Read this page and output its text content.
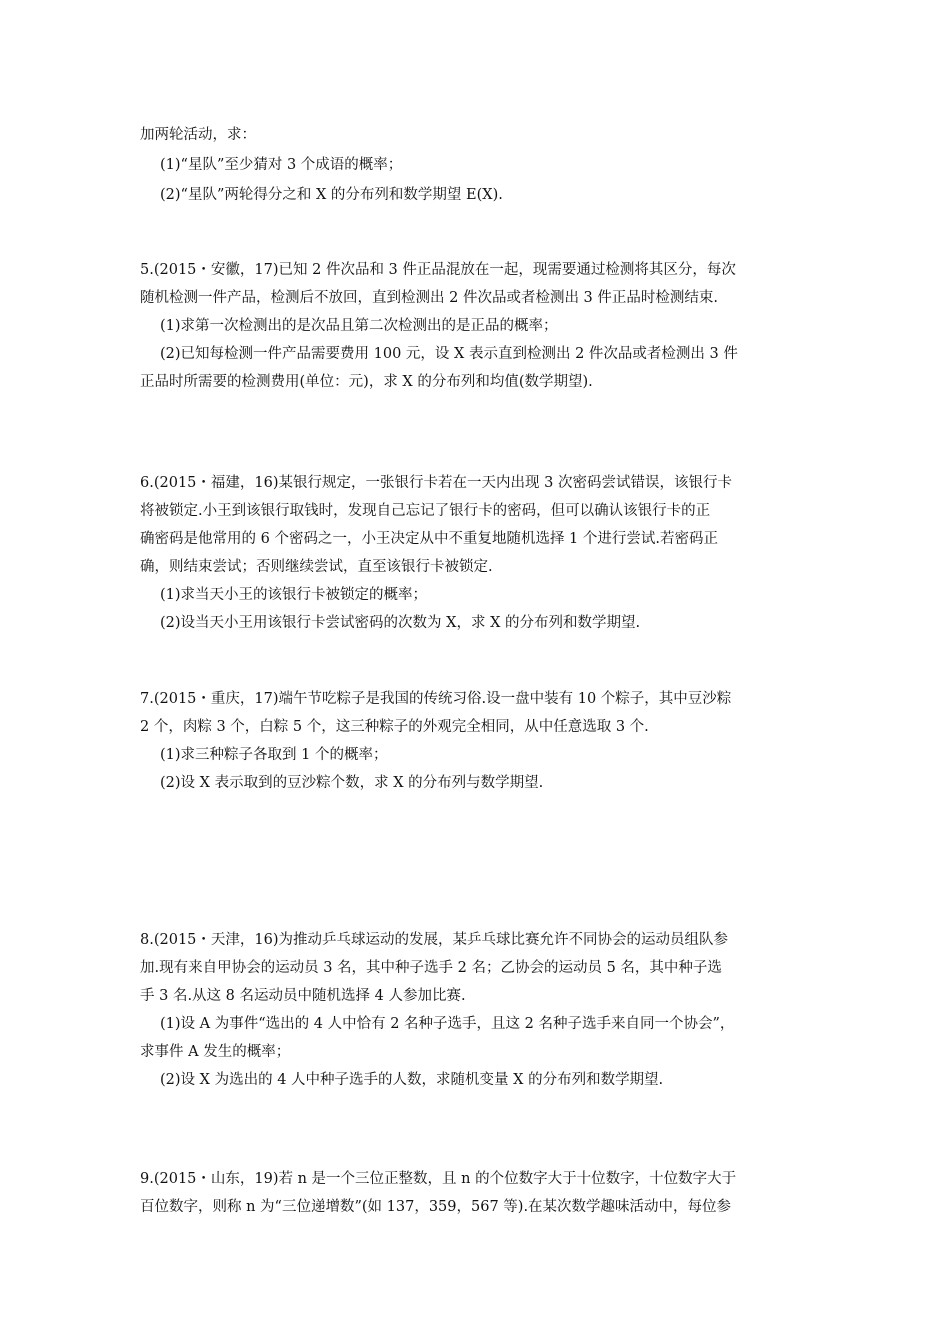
加两轮活动，求：
(1)“星队”至少猜对 3 个成语的概率；
(2)“星队”两轮得分之和 X 的分布列和数学期望 E(X).
5.(2015・安徽，17)已知 2 件次品和 3 件正品混放在一起，现需要通过检测将其区分，每次
随机检测一件产品，检测后不放回，直到检测出 2 件次品或者检测出 3 件正品时检测结束.
(1)求第一次检测出的是次品且第二次检测出的是正品的概率；
(2)已知每检测一件产品需要费用 100 元，设 X 表示直到检测出 2 件次品或者检测出 3 件
正品时所需要的检测费用(单位：元)，求 X 的分布列和均值(数学期望).
6.(2015・福建，16)某银行规定，一张银行卡若在一天内出现 3 次密码尝试错误，该银行卡
将被锁定.小王到该银行取钱时，发现自己忘记了银行卡的密码，但可以确认该银行卡的正
确密码是他常用的 6 个密码之一，小王决定从中不重复地随机选择 1 个进行尝试.若密码正
确，则结束尝试；否则继续尝试，直至该银行卡被锁定.
(1)求当天小王的该银行卡被锁定的概率；
(2)设当天小王用该银行卡尝试密码的次数为 X，求 X 的分布列和数学期望.
7.(2015・重庆，17)端午节吃粽子是我国的传统习俗.设一盘中装有 10 个粽子，其中豆沙粽
2 个，肉粽 3 个，白粽 5 个，这三种粽子的外观完全相同，从中任意选取 3 个.
(1)求三种粽子各取到 1 个的概率；
(2)设 X 表示取到的豆沙粽个数，求 X 的分布列与数学期望.
8.(2015・天津，16)为推动乒乓球运动的发展，某乒乓球比赛允许不同协会的运动员组队参
加.现有来自甲协会的运动员 3 名，其中种子选手 2 名；乙协会的运动员 5 名，其中种子选
手 3 名.从这 8 名运动员中随机选择 4 人参加比赛.
(1)设 A 为事件“选出的 4 人中恰有 2 名种子选手，且这 2 名种子选手来自同一个协会”，
求事件 A 发生的概率；
(2)设 X 为选出的 4 人中种子选手的人数，求随机变量 X 的分布列和数学期望.
9.(2015・山东，19)若 n 是一个三位正整数，且 n 的个位数字大于十位数字，十位数字大于
百位数字，则称 n 为“三位递增数”(如 137，359，567 等).在某次数学趣味活动中，每位参
